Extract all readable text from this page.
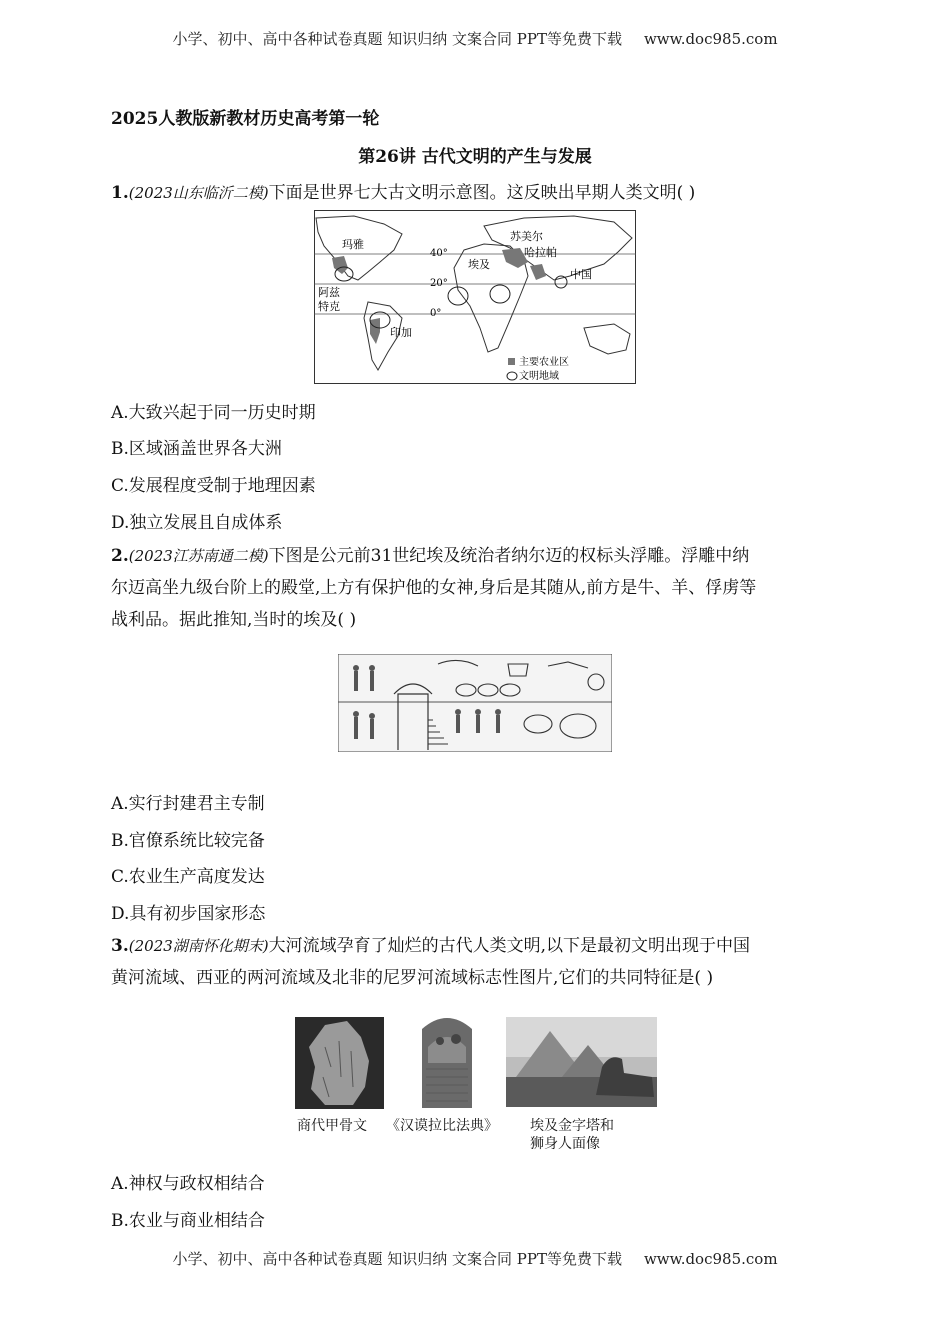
小学、初中、高中各种试卷真题 知识归纳 文案合同 PPT等免费下载 www.doc985.com
2025人教版新教材历史高考第一轮
第26讲 古代文明的产生与发展
1.(2023山东临沂二模)下面是世界七大古文明示意图。这反映出早期人类文明( )
40°
20°
0°
玛雅
阿兹特克
印加
埃及
苏美尔
哈拉帕
中国
主要农业区
文明地域
A.大致兴起于同一历史时期
B.区域涵盖世界各大洲
C.发展程度受制于地理因素
D.独立发展且自成体系
2.(2023江苏南通二模)下图是公元前31世纪埃及统治者纳尔迈的权标头浮雕。浮雕中纳
尔迈高坐九级台阶上的殿堂,上方有保护他的女神,身后是其随从,前方是牛、羊、俘虏等
战利品。据此推知,当时的埃及( )
A.实行封建君主专制
B.官僚系统比较完备
C.农业生产高度发达
D.具有初步国家形态
3.(2023湖南怀化期末)大河流域孕育了灿烂的古代人类文明,以下是最初文明出现于中国
黄河流域、西亚的两河流域及北非的尼罗河流域标志性图片,它们的共同特征是( )
商代甲骨文 《汉谟拉比法典》 埃及金字塔和
狮身人面像
A.神权与政权相结合
B.农业与商业相结合
小学、初中、高中各种试卷真题 知识归纳 文案合同 PPT等免费下载 www.doc985.com
